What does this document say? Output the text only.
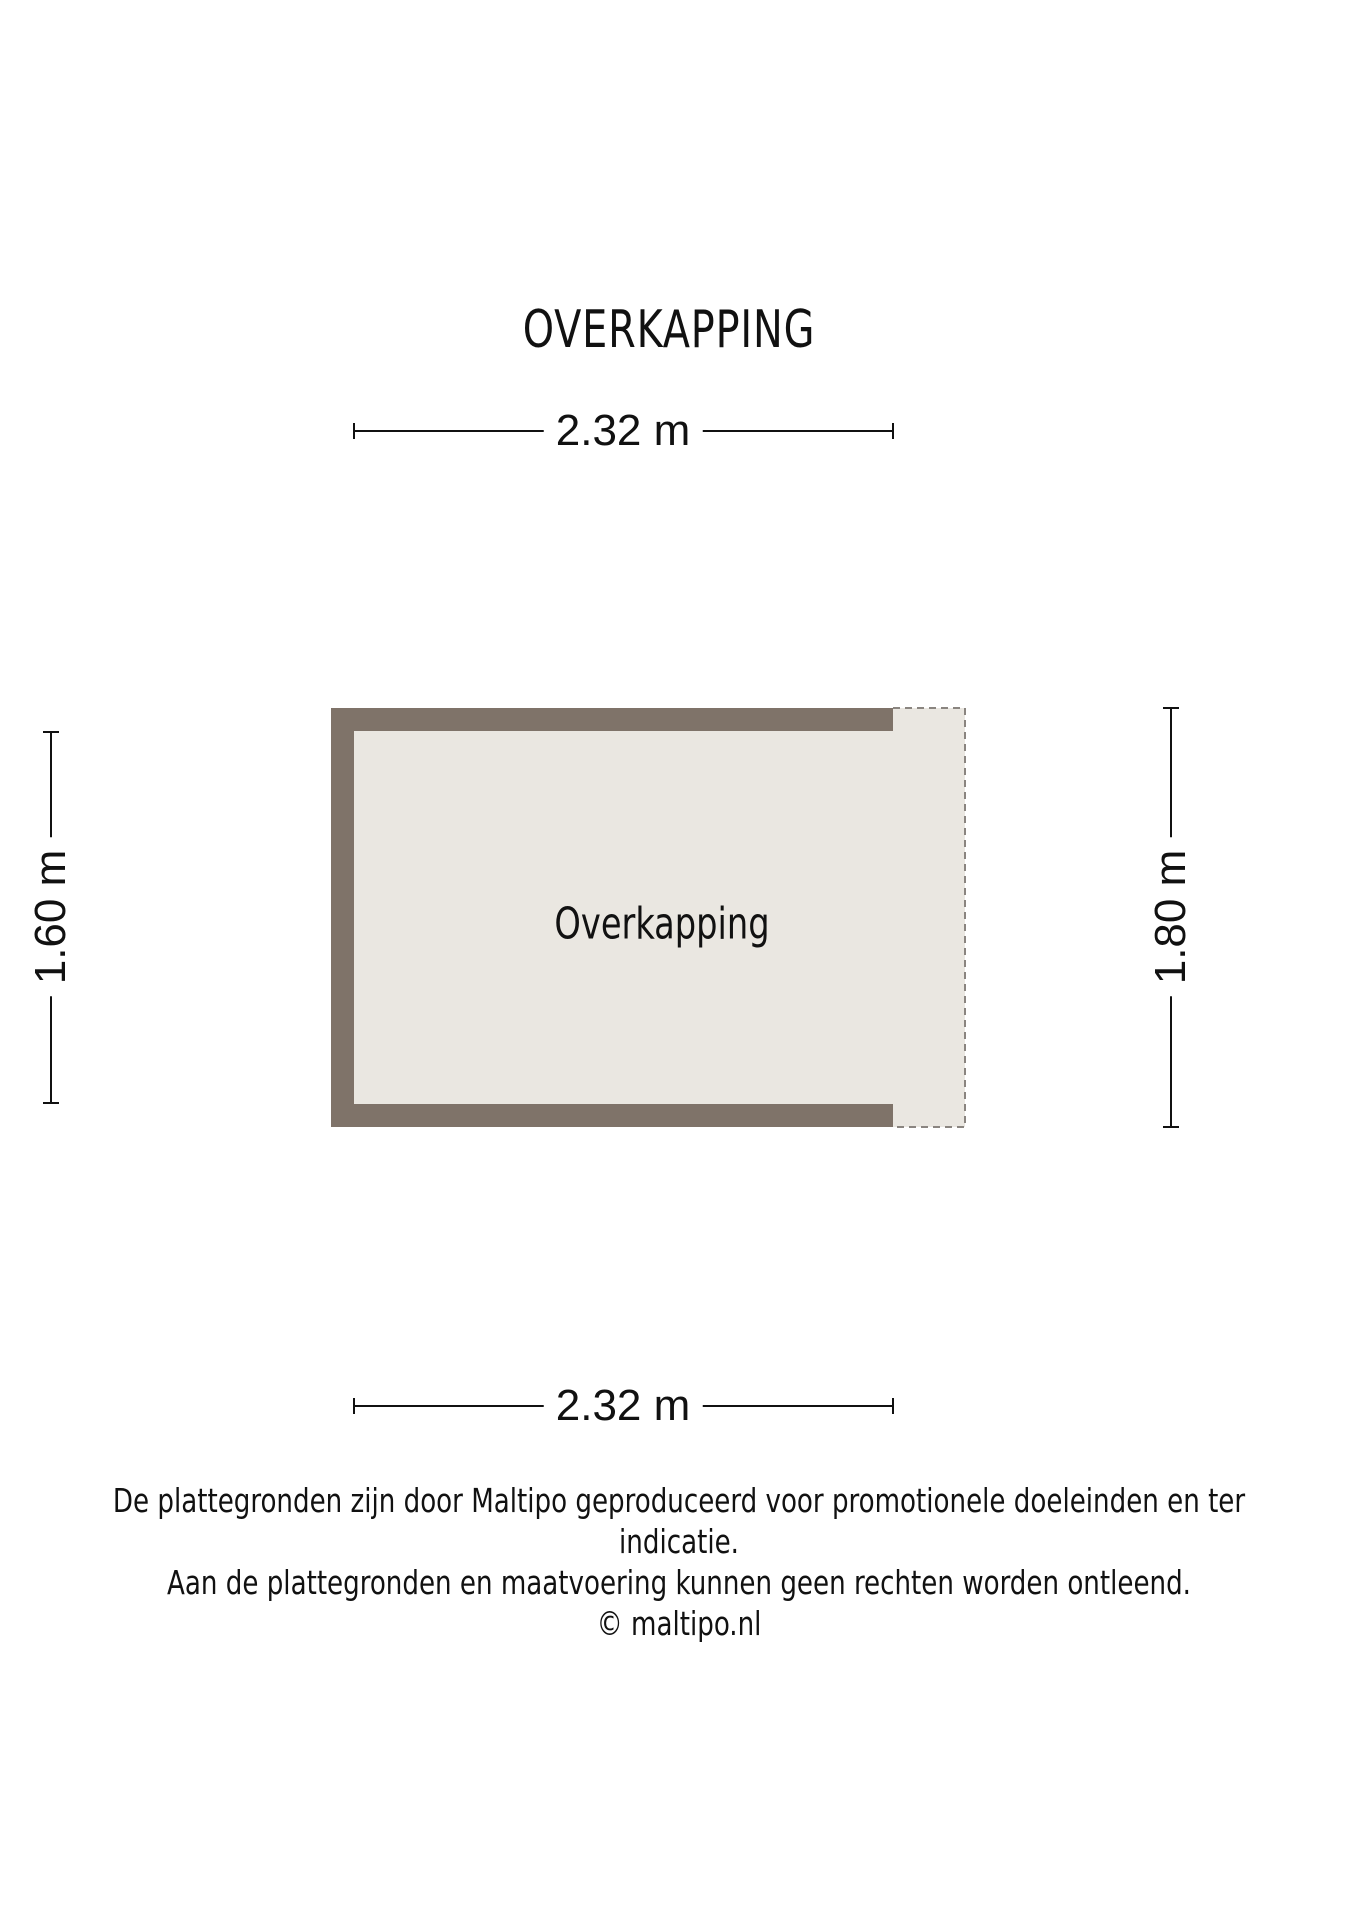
OVERKAPPING
2.32 m
2.32 m
1.60 m	1.80 m
Overkapping
De plattegronden zijn door Maltipo geproduceerd voor promotionele doeleinden en ter indicatie.
Aan de plattegronden en maatvoering kunnen geen rechten worden ontleend.
© maltipo.nl
